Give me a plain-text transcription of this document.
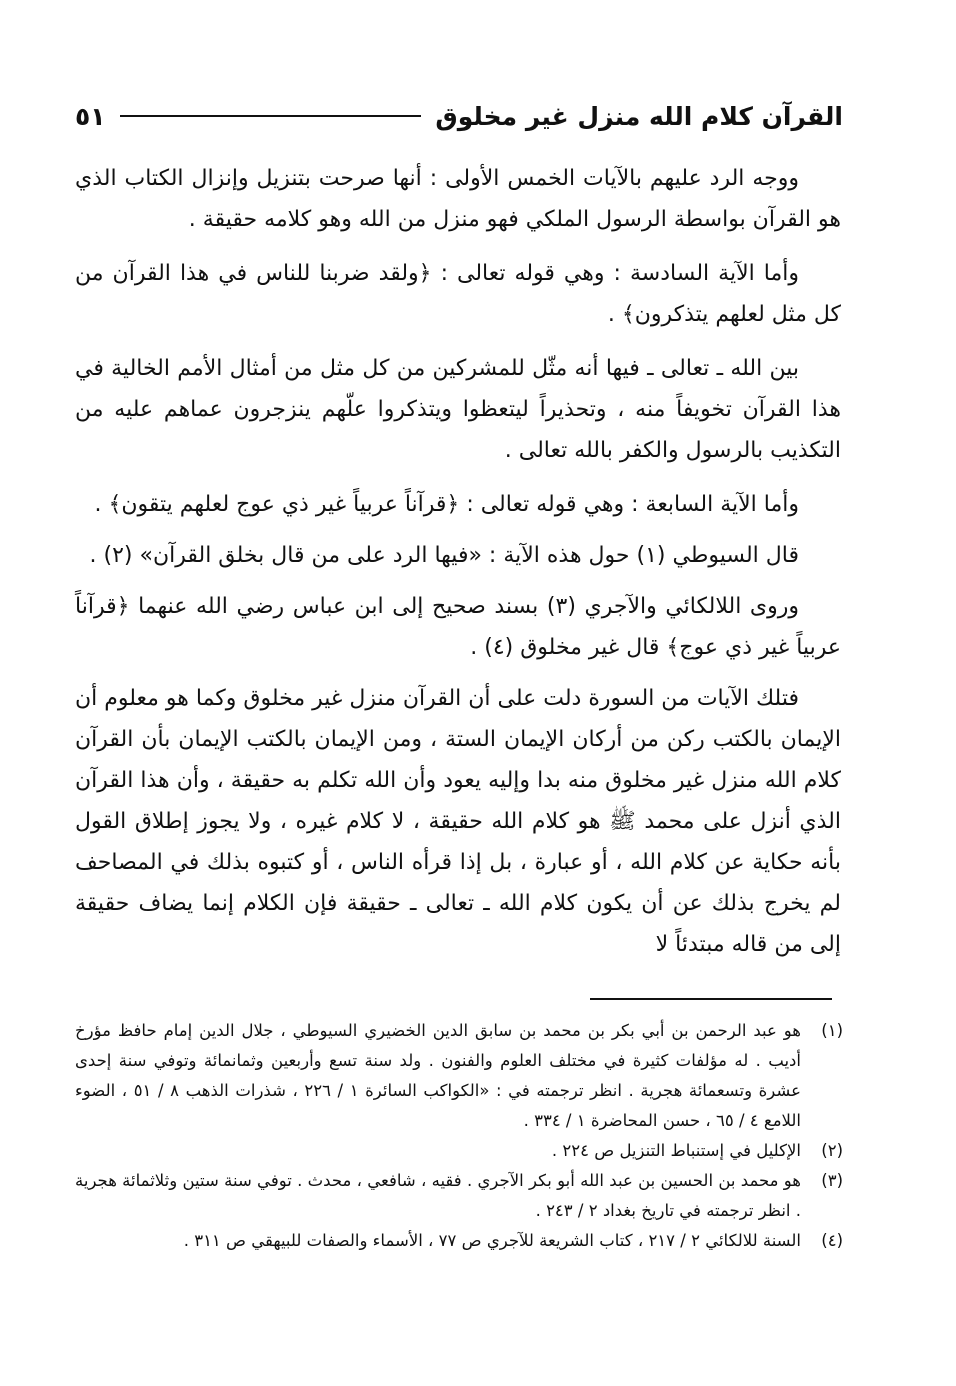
القرآن كلام الله منزل غير مخلوق
٥١

ووجه الرد عليهم بالآيات الخمس الأولى : أنها صرحت بتنزيل وإنزال الكتاب الذي هو القرآن بواسطة الرسول الملكي فهو منزل من الله وهو كلامه حقيقة .

وأما الآية السادسة : وهي قوله تعالى : ﴿ولقد ضربنا للناس في هذا القرآن من كل مثل لعلهم يتذكرون﴾ .

بين الله ـ تعالى ـ فيها أنه مثّل للمشركين من كل مثل من أمثال الأمم الخالية في هذا القرآن تخويفاً منه ، وتحذيراً ليتعظوا ويتذكروا علّهم ينزجرون عماهم عليه من التكذيب بالرسول والكفر بالله تعالى .

وأما الآية السابعة : وهي قوله تعالى : ﴿قرآناً عربياً غير ذي عوج لعلهم يتقون﴾ .

قال السيوطي (١) حول هذه الآية : «فيها الرد على من قال بخلق القرآن» (٢) .

وروى اللالكائي والآجري (٣) بسند صحيح إلى ابن عباس رضي الله عنهما ﴿قرآناً عربياً غير ذي عوج﴾ قال غير مخلوق (٤) .

فتلك الآيات من السورة دلت على أن القرآن منزل غير مخلوق وكما هو معلوم أن الإيمان بالكتب ركن من أركان الإيمان الستة ، ومن الإيمان بالكتب الإيمان بأن القرآن كلام الله منزل غير مخلوق منه بدا وإليه يعود وأن الله تكلم به حقيقة ، وأن هذا القرآن الذي أنزل على محمد ﷺ هو كلام الله حقيقة ، لا كلام غيره ، ولا يجوز إطلاق القول بأنه حكاية عن كلام الله ، أو عبارة ، بل إذا قرأه الناس ، أو كتبوه بذلك في المصاحف لم يخرج بذلك عن أن يكون كلام الله ـ تعالى ـ حقيقة فإن الكلام إنما يضاف حقيقة إلى من قاله مبتدئاً لا

(١)
هو عبد الرحمن بن أبي بكر بن محمد بن سابق الدين الخضيري السيوطي ، جلال الدين إمام حافظ مؤرخ أديب . له مؤلفات كثيرة في مختلف العلوم والفنون . ولد سنة تسع وأربعين وثمانمائة وتوفي سنة إحدى عشرة وتسعمائة هجرية . انظر ترجمته في : «الكواكب السائرة ١ / ٢٢٦ ، شذرات الذهب ٨ / ٥١ ، الضوء اللامع ٤ / ٦٥ ، حسن المحاضرة ١ / ٣٣٤ .
(٢)
الإكليل في إستنباط التنزيل ص ٢٢٤ .
(٣)
هو محمد بن الحسين بن عبد الله أبو بكر الآجري . فقيه ، شافعي ، محدث . توفي سنة ستين وثلاثمائة هجرية . انظر ترجمته في تاريخ بغداد ٢ / ٢٤٣ .
(٤)
السنة للالكائي ٢ / ٢١٧ ، كتاب الشريعة للآجري ص ٧٧ ، الأسماء والصفات للبيهقي ص ٣١١ .
